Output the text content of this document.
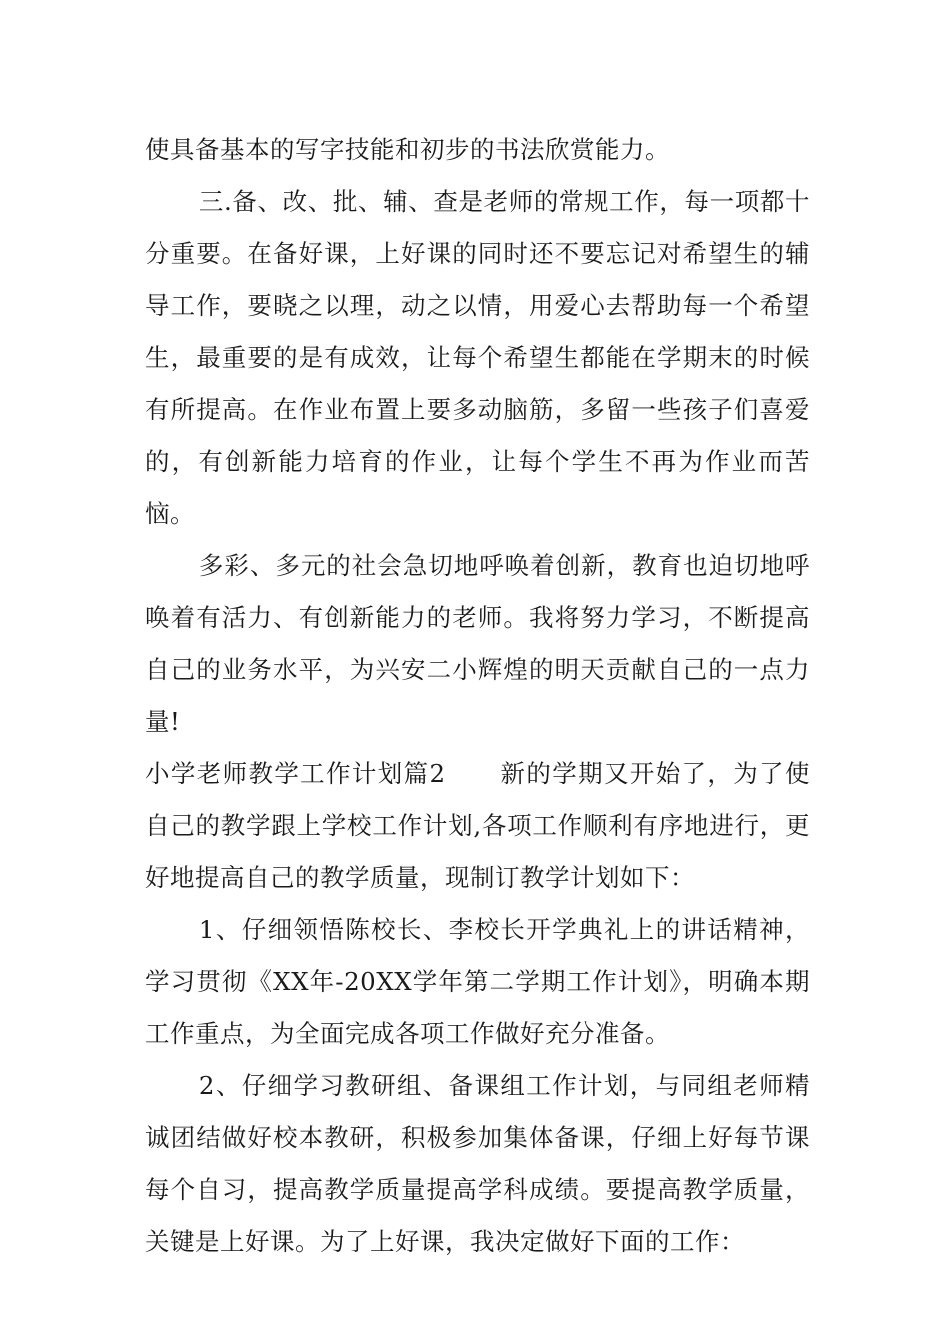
使具备基本的写字技能和初步的书法欣赏能力。

三.备、改、批、辅、查是老师的常规工作，每一项都十分重要。在备好课，上好课的同时还不要忘记对希望生的辅导工作，要晓之以理，动之以情，用爱心去帮助每一个希望生，最重要的是有成效，让每个希望生都能在学期末的时候有所提高。在作业布置上要多动脑筋，多留一些孩子们喜爱的，有创新能力培育的作业，让每个学生不再为作业而苦恼。

多彩、多元的社会急切地呼唤着创新，教育也迫切地呼唤着有活力、有创新能力的老师。我将努力学习，不断提高自己的业务水平，为兴安二小辉煌的明天贡献自己的一点力量!

小学老师教学工作计划篇2 新的学期又开始了，为了使自己的教学跟上学校工作计划,各项工作顺利有序地进行，更好地提高自己的教学质量，现制订教学计划如下：

1、仔细领悟陈校长、李校长开学典礼上的讲话精神，学习贯彻《XX年-20XX学年第二学期工作计划》，明确本期工作重点，为全面完成各项工作做好充分准备。

2、仔细学习教研组、备课组工作计划，与同组老师精诚团结做好校本教研，积极参加集体备课，仔细上好每节课每个自习，提高教学质量提高学科成绩。要提高教学质量，关键是上好课。为了上好课，我决定做好下面的工作：
